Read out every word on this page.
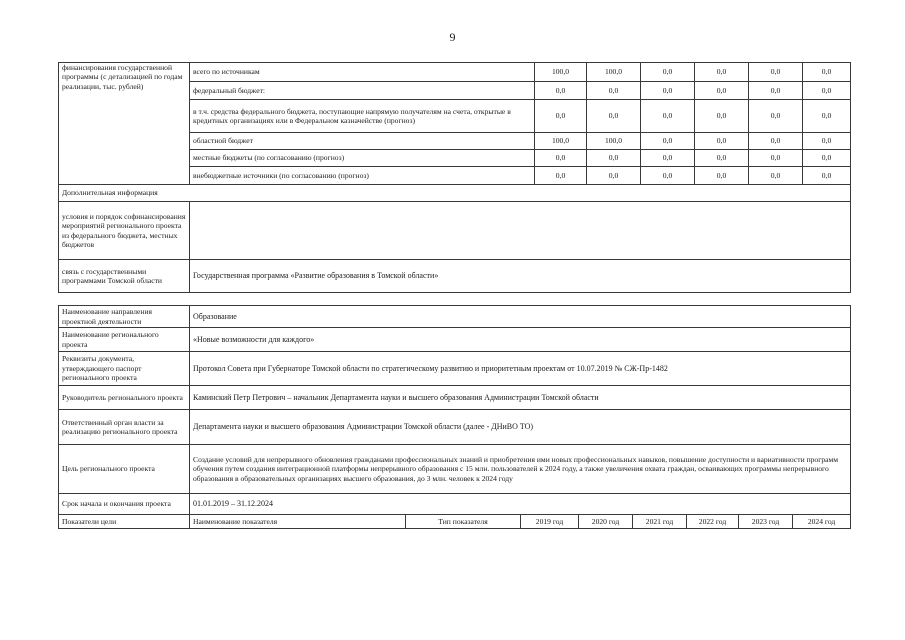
9
финансирования государственной программы (с детализацией по годам реализации, тыс. рублей)	всего по источникам	100,0	100,0	0,0	0,0	0,0	0,0
	федеральный бюджет:	0,0	0,0	0,0	0,0	0,0	0,0
	в т.ч. средства федерального бюджета, поступающие напрямую получателям на счета, открытые в кредитных организациях или в Федеральном казначействе (прогноз)	0,0	0,0	0,0	0,0	0,0	0,0
	областной бюджет	100,0	100,0	0,0	0,0	0,0	0,0
	местные бюджеты (по согласованию (прогноз)	0,0	0,0	0,0	0,0	0,0	0,0
	внебюджетные источники (по согласованию (прогноз)	0,0	0,0	0,0	0,0	0,0	0,0
Дополнительная информация							
условия и порядок софинансирования мероприятий регионального проекта из федерального бюджета, местных бюджетов							
связь с государственными программами Томской области	Государственная программа «Развитие образования в Томской области»						
Наименование направления проектной деятельности	Образование							
Наименование регионального проекта	«Новые возможности для каждого»							
Реквизиты документа, утверждающего паспорт регионального проекта	Протокол Совета при Губернаторе Томской области по стратегическому развитию и приоритетным проектам от 10.07.2019 № СЖ-Пр-1482							
Руководитель регионального проекта	Каминский Петр Петрович – начальник Департамента науки и высшего образования Администрации Томской области							
Ответственный орган власти за реализацию регионального проекта	Департамента науки и высшего образования Администрации Томской области (далее - ДНиВО ТО)							
Цель регионального проекта	Создание условий для непрерывного обновления гражданами профессиональных знаний и приобретения ими новых профессиональных навыков, повышение доступности и вариативности программ обучения путем создания интеграционной платформы непрерывного образования с 15 млн. пользователей к 2024 году, а также увеличения охвата граждан, осваивающих программы непрерывного образования в образовательных организациях высшего образования, до 3 млн. человек к 2024 году							
Срок начала и окончания проекта	01.01.2019 – 31.12.2024							
Показатели цели	Наименование показателя	Тип показателя	2019 год	2020 год	2021 год	2022 год	2023 год	2024 год
